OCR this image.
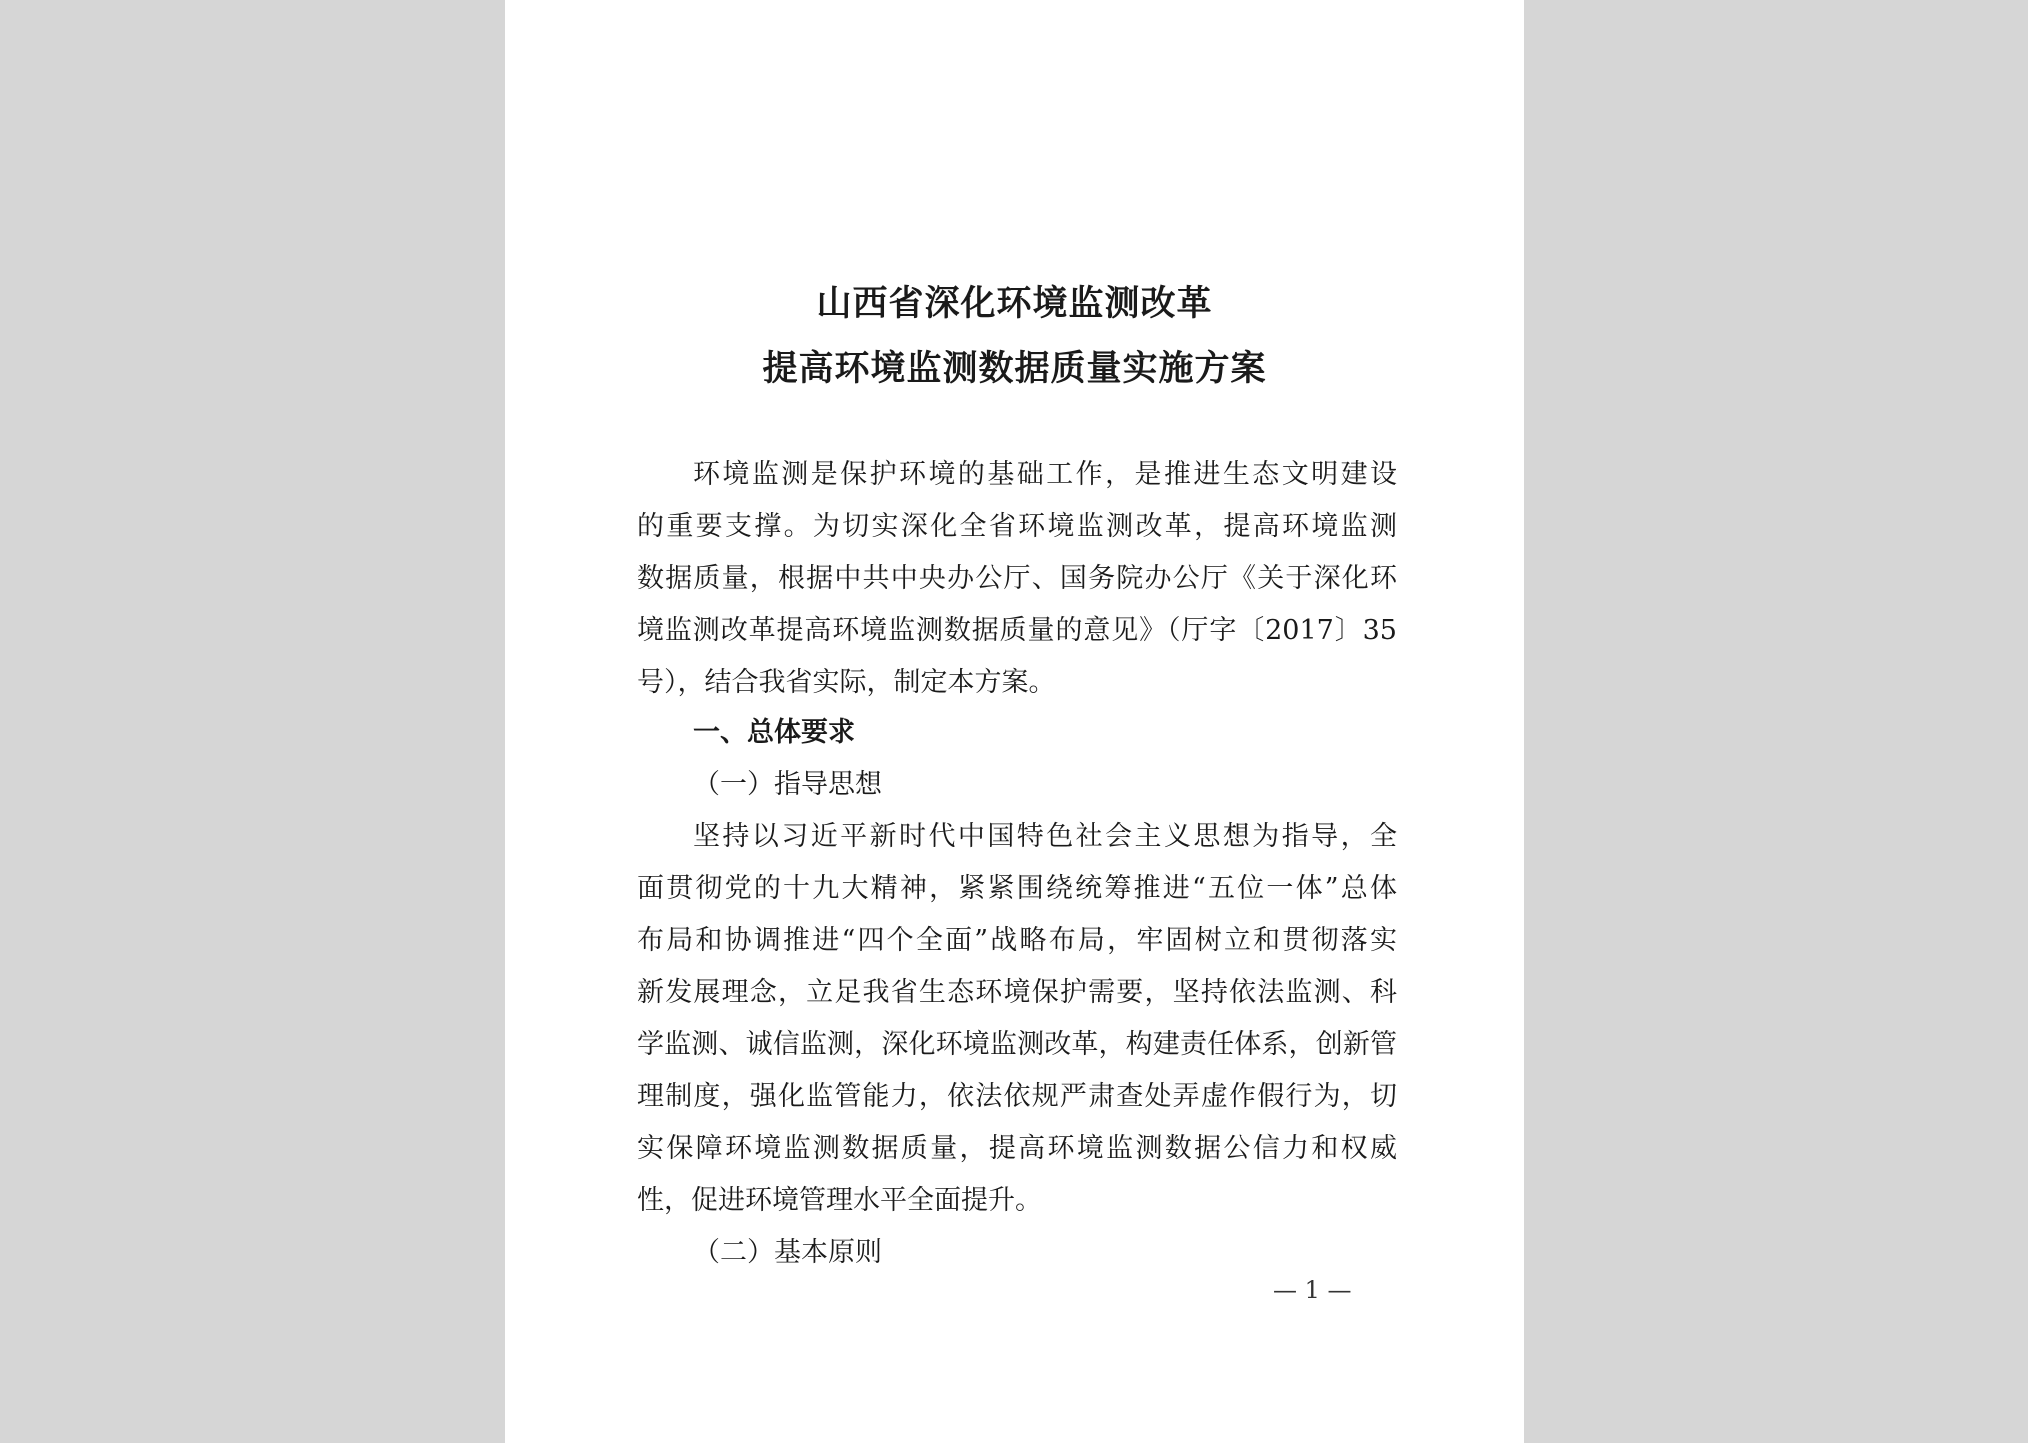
山西省深化环境监测改革
提高环境监测数据质量实施方案
环境监测是保护环境的基础工作，是推进生态文明建设
的重要支撑。为切实深化全省环境监测改革，提高环境监测
数据质量，根据中共中央办公厅、国务院办公厅《关于深化环
境监测改革提高环境监测数据质量的意见》（厅字〔2017〕35
号），结合我省实际，制定本方案。
一、总体要求
（一）指导思想
坚持以习近平新时代中国特色社会主义思想为指导，全
面贯彻党的十九大精神，紧紧围绕统筹推进“五位一体”总体
布局和协调推进“四个全面”战略布局，牢固树立和贯彻落实
新发展理念，立足我省生态环境保护需要，坚持依法监测、科
学监测、诚信监测，深化环境监测改革，构建责任体系，创新管
理制度，强化监管能力，依法依规严肃查处弄虚作假行为，切
实保障环境监测数据质量，提高环境监测数据公信力和权威
性，促进环境管理水平全面提升。
（二）基本原则
— 1 —
